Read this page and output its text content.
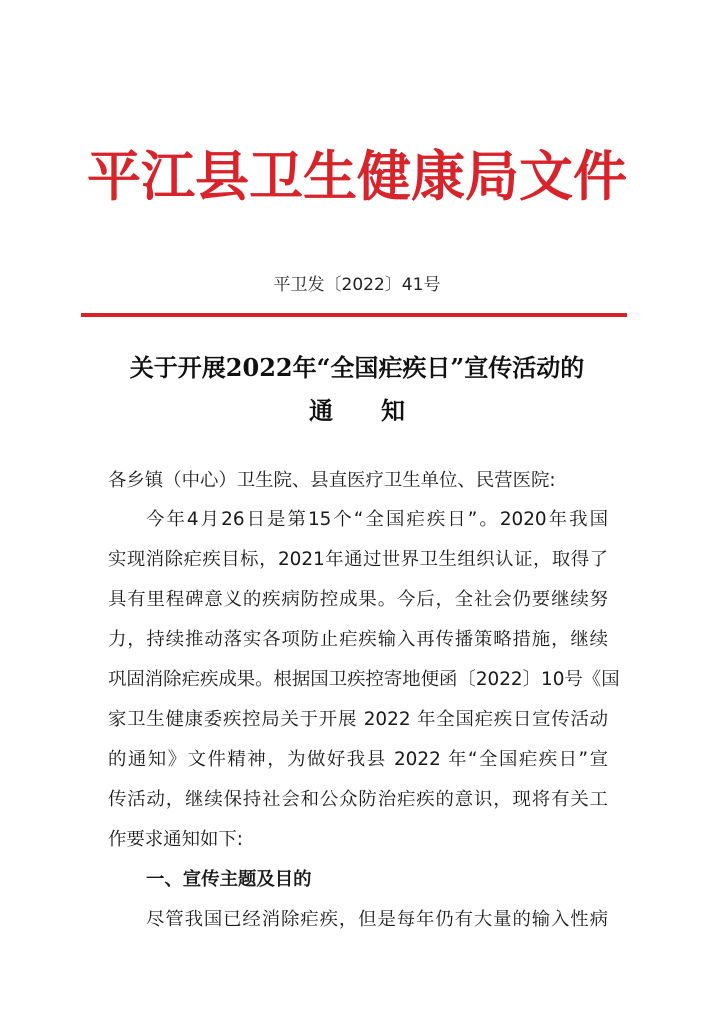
平江县卫生健康局文件
平卫发〔2022〕41号
关于开展2022年“全国疟疾日”宣传活动的
通知
各乡镇（中心）卫生院、县直医疗卫生单位、民营医院:
今年4月26日是第15个“全国疟疾日”。2020年我国
实现消除疟疾目标，2021年通过世界卫生组织认证，取得了
具有里程碑意义的疾病防控成果。今后，全社会仍要继续努
力，持续推动落实各项防止疟疾输入再传播策略措施，继续
巩固消除疟疾成果。根据国卫疾控寄地便函〔2022〕10号《国
家卫生健康委疾控局关于开展 2022 年全国疟疾日宣传活动
的通知》文件精神，为做好我县 2022 年“全国疟疾日”宣
传活动，继续保持社会和公众防治疟疾的意识，现将有关工
作要求通知如下:
一、宣传主题及目的
尽管我国已经消除疟疾，但是每年仍有大量的输入性病
